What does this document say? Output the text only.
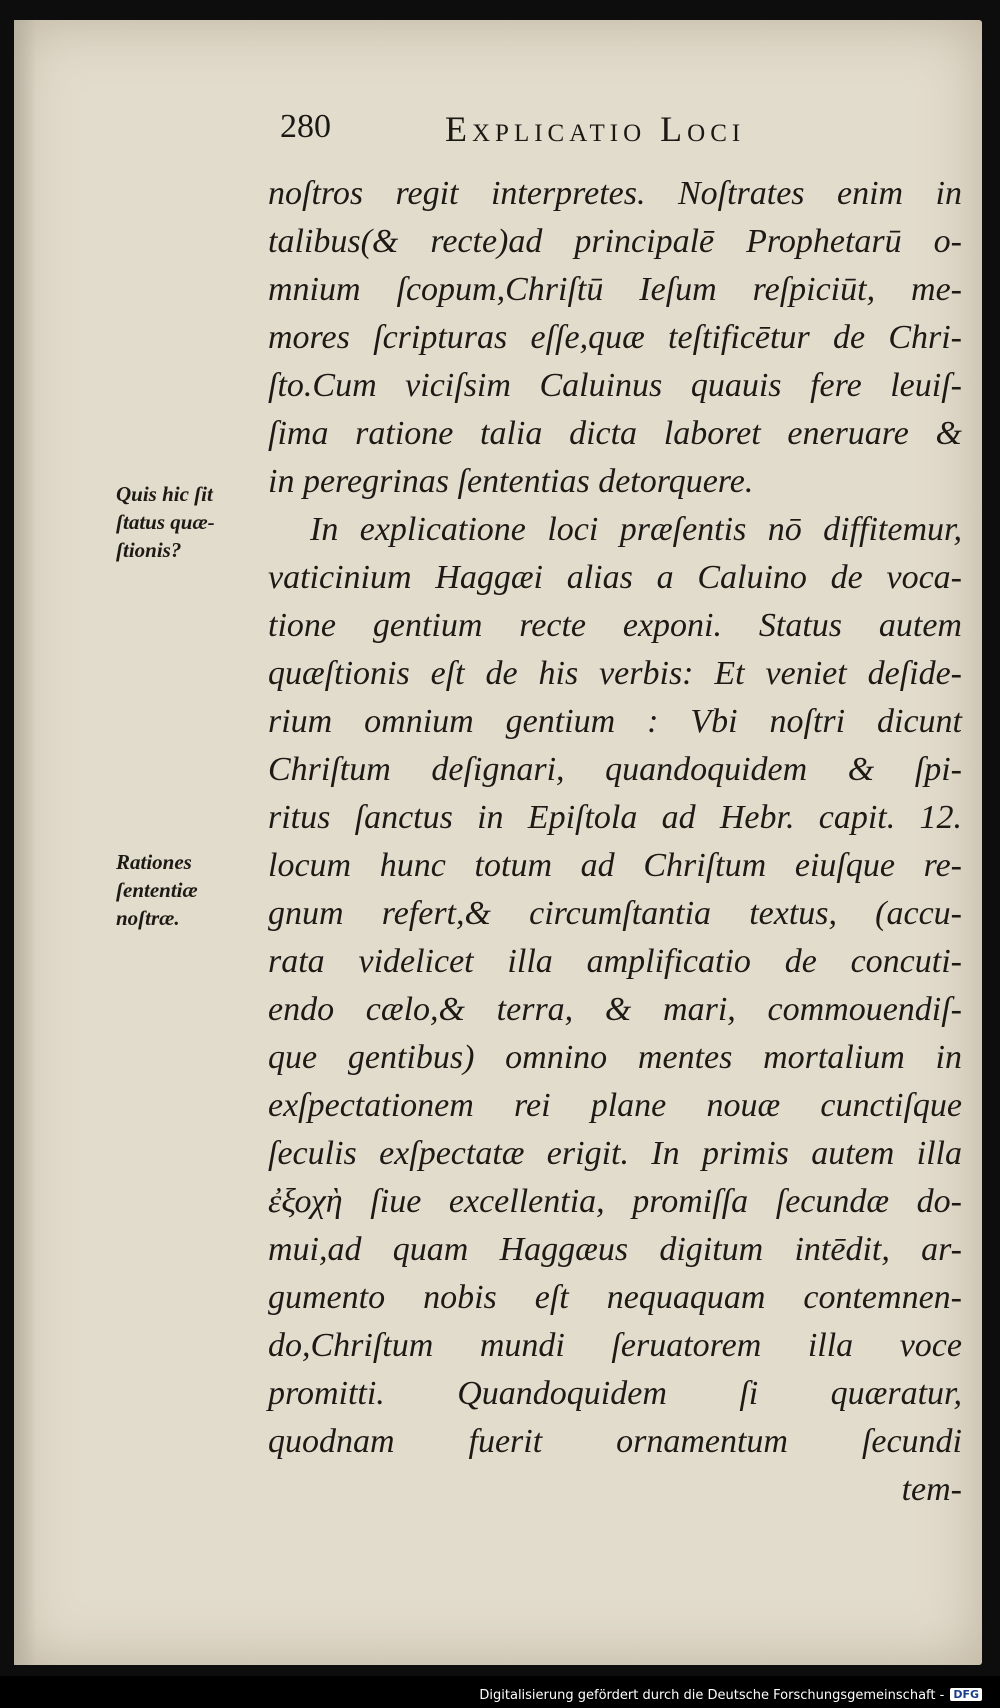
280	Explicatio Loci
noſtros regit interpretes. Noſtrates enim in
talibus(& recte)ad principalē Prophetarū o-
mnium ſcopum,Chriſtū Ieſum reſpiciūt, me-
mores ſcripturas eſſe,quæ teſtificētur de Chri-
ſto.Cum viciſsim Caluinus quauis fere leuiſ-
ſima ratione talia dicta laboret eneruare &
in peregrinas ſententias detorquere.
In explicatione loci præſentis nō diffitemur,
vaticinium Haggæi alias a Caluino de voca-
tione gentium recte exponi. Status autem
quæſtionis eſt de his verbis: Et veniet deſide-
rium omnium gentium : Vbi noſtri dicunt
Chriſtum deſignari, quandoquidem & ſpi-
ritus ſanctus in Epiſtola ad Hebr. capit. 12.
locum hunc totum ad Chriſtum eiuſque re-
gnum refert,& circumſtantia textus, (accu-
rata videlicet illa amplificatio de concuti-
endo cælo,& terra, & mari, commouendiſ-
que gentibus) omnino mentes mortalium in
exſpectationem rei plane nouæ cunctiſque
ſeculis exſpectatæ erigit. In primis autem illa
ἐξοχὴ ſiue excellentia, promiſſa ſecundæ do-
mui,ad quam Haggæus digitum intēdit, ar-
gumento nobis eſt nequaquam contemnen-
do,Chriſtum mundi ſeruatorem illa voce
promitti. Quandoquidem ſi quæratur,
quodnam fuerit ornamentum ſecundi
tem-
Quis hic ſit
ſtatus quæ-
ſtionis?
Rationes
ſententiæ
noſtræ.
Digitalisierung gefördert durch die Deutsche Forschungsgemeinschaft - DFG
